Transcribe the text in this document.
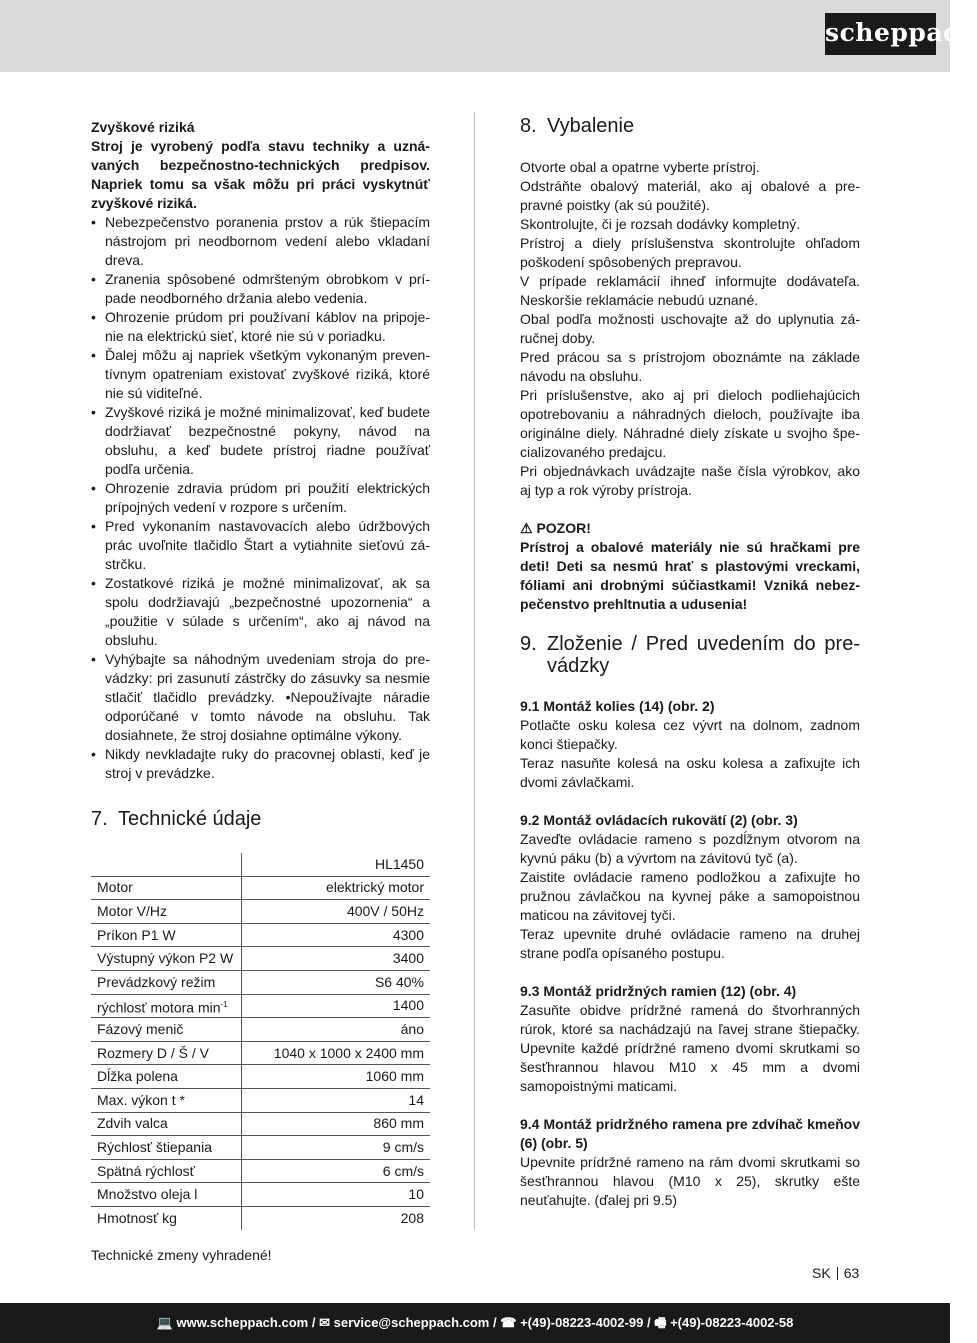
scheppach
Zvyškové riziká

Stroj je vyrobený podľa stavu techniky a uznávaných bezpečnostno-technických predpisov. Napriek tomu sa však môžu pri práci vyskytnúť zvyškové riziká.

• Nebezpečenstvo poranenia prstov a rúk štiepacím nástrojom pri neodbornom vedení alebo vkladaní dreva.
• Zranenia spôsobené odmršteným obrobkom v prípade neodborného držania alebo vedenia.
• Ohrozenie prúdom pri používaní káblov na pripojenie na elektrickú sieť, ktoré nie sú v poriadku.
• Ďalej môžu aj napriek všetkým vykonaným preventívnym opatreniam existovať zvyškové riziká, ktoré nie sú viditeľné.
• Zvyškové riziká je možné minimalizovať, keď budete dodržiavať bezpečnostné pokyny, návod na obsluhu, a keď budete prístroj riadne používať podľa určenia.
• Ohrozenie zdravia prúdom pri použití elektrických prípojných vedení v rozpore s určením.
• Pred vykonaním nastavovacích alebo údržbových prác uvoľnite tlačidlo Štart a vytiahnite sieťovú zástrčku.
• Zostatkové riziká je možné minimalizovať, ak sa spolu dodržiavajú „bezpečnostné upozornenia“ a „použitie v súlade s určením“, ako aj návod na obsluhu.
• Vyhýbajte sa náhodným uvedeniam stroja do prevádzky: pri zasunutí zástrčky do zásuvky sa nesmie stlačiť tlačidlo prevádzky. •Nepoužívajte náradie odporúčané v tomto návode na obsluhu. Tak dosiahnete, že stroj dosiahne optimálne výkony.
• Nikdy nevkladajte ruky do pracovnej oblasti, keď je stroj v prevádzke.
7. Technické údaje
	HL1450
Motor	elektrický motor
Motor V/Hz	400V / 50Hz
Príkon P1 W	4300
Výstupný výkon P2 W	3400
Prevádzkový režim	S6 40%
rýchlosť motora $\min^{-1}$	1400
Fázový menič	áno
Rozmery D / Š / V	1040 x 1000 x 2400 mm
Dĺžka polena	1060 mm
Max. výkon t *	14
Zdvih valca	860 mm
Rýchlosť štiepania	9 cm/s
Spätná rýchlosť	6 cm/s
Množstvo oleja l	10
Hmotnosť kg	208
Technické zmeny vyhradené!
8. Vybalenie

Otvorte obal a opatrne vyberte prístroj.

Odstráňte obalový materiál, ako aj obalové a prepravné poistky (ak sú použité).

Skontrolujte, či je rozsah dodávky kompletný.

Prístroj a diely príslušenstva skontrolujte ohľadom poškodení spôsobených prepravou.

V prípade reklamácií ihneď informujte dodávateľa. Neskoršie reklamácie nebudú uznané.

Obal podľa možnosti uschovajte až do uplynutia záručnej doby.

Pred prácou sa s prístrojom oboznámte na základe návodu na obsluhu.

Pri príslušenstve, ako aj pri dieloch podliehajúcich opotrebovaniu a náhradných dieloch, používajte iba originálne diely. Náhradné diely získate u svojho špecializovaného predajcu.

Pri objednávkach uvádzajte naše čísla výrobkov, ako aj typ a rok výroby prístroja.

⚠ POZOR!

Prístroj a obalové materiály nie sú hračkami pre deti! Deti sa nesmú hrať s plastovými vreckami, fóliami ani drobnými súčiastkami! Vzniká nebezpečenstvo prehltnutia a udusenia!

9. Zloženie / Pred uvedením do prevádzky
9.1 Montáž kolies (14) (obr. 2)

Potlačte osku kolesa cez vývrt na dolnom, zadnom konci štiepačky.

Teraz nasuňte kolesá na osku kolesa a zafixujte ich dvomi závlačkami.

9.2 Montáž ovládacích rukovätí (2) (obr. 3)

Zaveďte ovládacie rameno s pozdĺžnym otvorom na kyvnú páku (b) a vývrtom na závitovú tyč (a).

Zaistite ovládacie rameno podložkou a zafixujte ho pružnou závlačkou na kyvnej páke a samopoistnou maticou na závitovej tyči.

Teraz upevnite druhé ovládacie rameno na druhej strane podľa opísaného postupu.

9.3 Montáž pridržných ramien (12) (obr. 4)

Zasuňte obidve prídržné ramená do štvorhranných rúrok, ktoré sa nachádzajú na ľavej strane štiepačky. Upevnite každé prídržné rameno dvomi skrutkami so šesťhrannou hlavou M10 x 45 mm a dvomi samopoistnými maticami.

9.4 Montáž pridržného ramena pre zdvíhač kmeňov (6) (obr. 5)

Upevnite prídržné rameno na rám dvomi skrutkami so šesťhrannou hlavou (M10 x 25), skrutky ešte neuťahujte. (ďalej pri 9.5)

SK 63
💻 www.scheppach.com / ✉ service@scheppach.com / ☎ +(49)-08223-4002-99 / 🖷 +(49)-08223-4002-58
